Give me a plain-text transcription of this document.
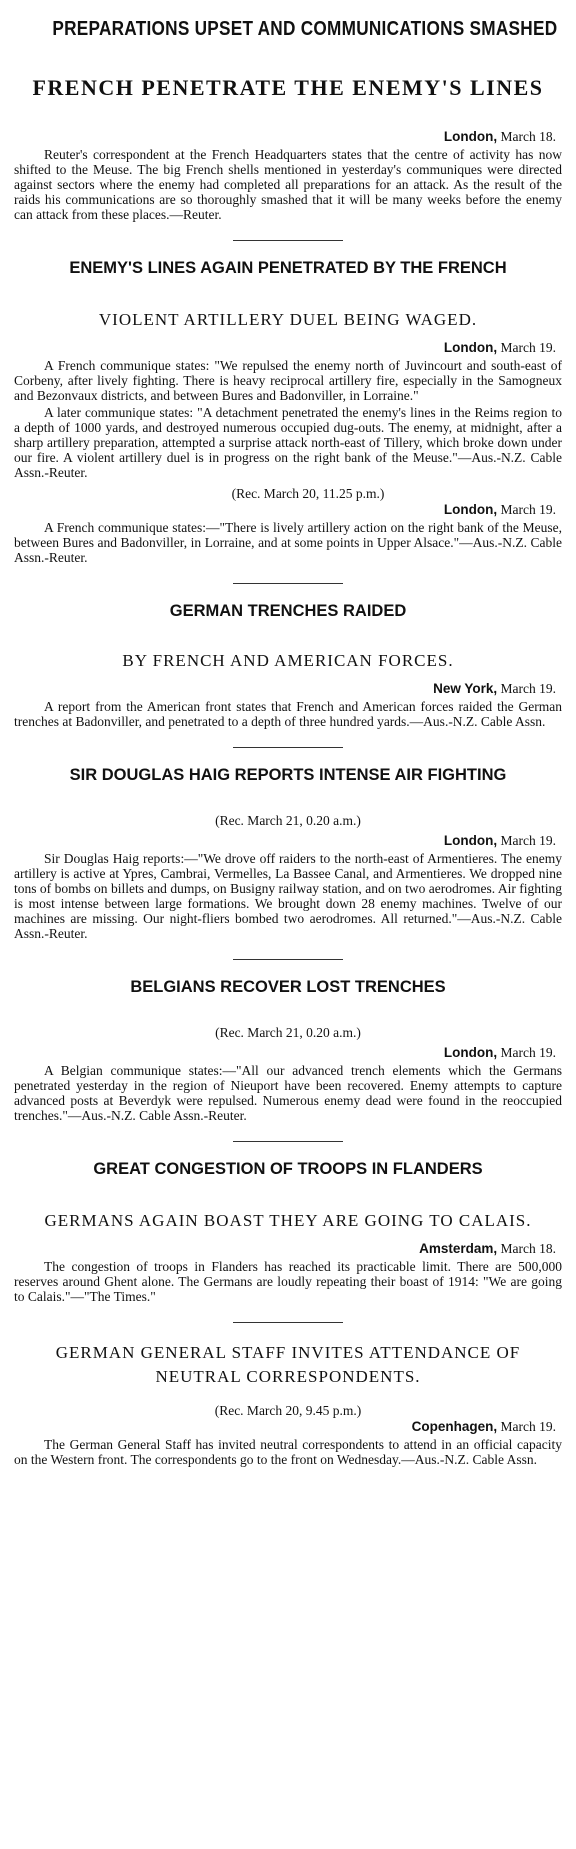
PREPARATIONS UPSET AND COMMUNICATIONS SMASHED
FRENCH PENETRATE THE ENEMY'S LINES
London, March 18.

Reuter's correspondent at the French Headquarters states that the centre of activity has now shifted to the Meuse. The big French shells mentioned in yesterday's communiques were directed against sectors where the enemy had completed all preparations for an attack. As the result of the raids his communications are so thoroughly smashed that it will be many weeks before the enemy can attack from these places.—Reuter.

ENEMY'S LINES AGAIN PENETRATED BY THE FRENCH
VIOLENT ARTILLERY DUEL BEING WAGED.
London, March 19.

A French communique states: "We repulsed the enemy north of Juvincourt and south-east of Corbeny, after lively fighting. There is heavy reciprocal artillery fire, especially in the Samogneux and Bezonvaux districts, and between Bures and Badonviller, in Lorraine."

A later communique states: "A detachment penetrated the enemy's lines in the Reims region to a depth of 1000 yards, and destroyed numerous occupied dug-outs. The enemy, at midnight, after a sharp artillery preparation, attempted a surprise attack north-east of Tillery, which broke down under our fire. A violent artillery duel is in progress on the right bank of the Meuse."—Aus.-N.Z. Cable Assn.-Reuter.

(Rec. March 20, 11.25 p.m.)
London, March 19.

A French communique states:—"There is lively artillery action on the right bank of the Meuse, between Bures and Badonviller, in Lorraine, and at some points in Upper Alsace."—Aus.-N.Z. Cable Assn.-Reuter.

GERMAN TRENCHES RAIDED
BY FRENCH AND AMERICAN FORCES.
New York, March 19.

A report from the American front states that French and American forces raided the German trenches at Badonviller, and penetrated to a depth of three hundred yards.—Aus.-N.Z. Cable Assn.

SIR DOUGLAS HAIG REPORTS INTENSE AIR FIGHTING
(Rec. March 21, 0.20 a.m.)
London, March 19.

Sir Douglas Haig reports:—"We drove off raiders to the north-east of Armentieres. The enemy artillery is active at Ypres, Cambrai, Vermelles, La Bassee Canal, and Armentieres. We dropped nine tons of bombs on billets and dumps, on Busigny railway station, and on two aerodromes. Air fighting is most intense between large formations. We brought down 28 enemy machines. Twelve of our machines are missing. Our night-fliers bombed two aerodromes. All returned."—Aus.-N.Z. Cable Assn.-Reuter.

BELGIANS RECOVER LOST TRENCHES
(Rec. March 21, 0.20 a.m.)
London, March 19.

A Belgian communique states:—"All our advanced trench elements which the Germans penetrated yesterday in the region of Nieuport have been recovered. Enemy attempts to capture advanced posts at Beverdyk were repulsed. Numerous enemy dead were found in the reoccupied trenches."—Aus.-N.Z. Cable Assn.-Reuter.

GREAT CONGESTION OF TROOPS IN FLANDERS
GERMANS AGAIN BOAST THEY ARE GOING TO CALAIS.
Amsterdam, March 18.

The congestion of troops in Flanders has reached its practicable limit. There are 500,000 reserves around Ghent alone. The Germans are loudly repeating their boast of 1914: "We are going to Calais."—"The Times."

GERMAN GENERAL STAFF INVITES ATTENDANCE OF NEUTRAL CORRESPONDENTS.
(Rec. March 20, 9.45 p.m.)
Copenhagen, March 19.

The German General Staff has invited neutral correspondents to attend in an official capacity on the Western front. The correspondents go to the front on Wednesday.—Aus.-N.Z. Cable Assn.
